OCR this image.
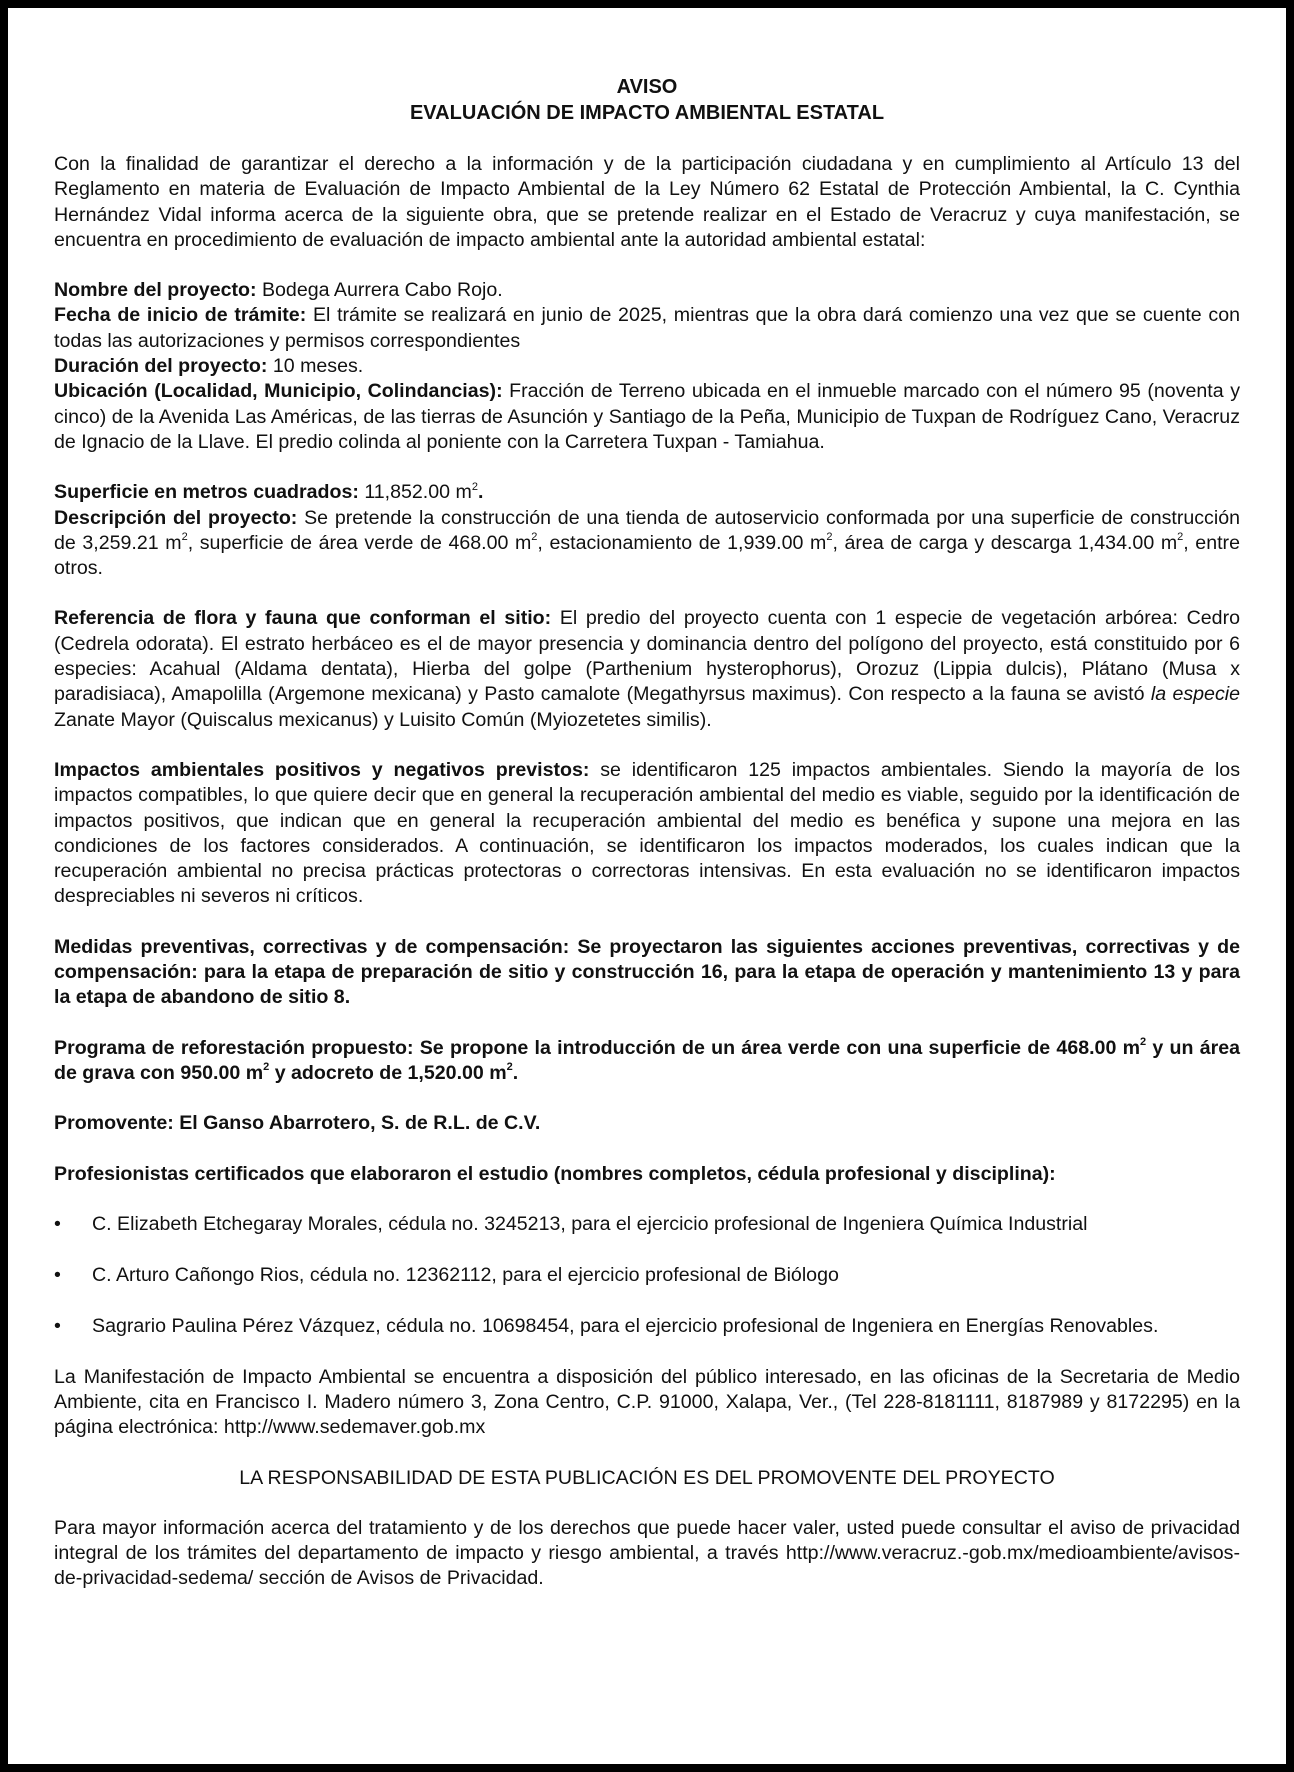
AVISO
EVALUACIÓN DE IMPACTO AMBIENTAL ESTATAL

Con la finalidad de garantizar el derecho a la información y de la participación ciudadana y en cumplimiento al Artículo 13 del Reglamento en materia de Evaluación de Impacto Ambiental de la Ley Número 62 Estatal de Protección Ambiental, la C. Cynthia Hernández Vidal informa acerca de la siguiente obra, que se pretende realizar en el Estado de Veracruz y cuya manifestación, se encuentra en procedimiento de evaluación de impacto ambiental ante la autoridad ambiental estatal:

Nombre del proyecto: Bodega Aurrera Cabo Rojo.

Fecha de inicio de trámite: El trámite se realizará en junio de 2025, mientras que la obra dará comienzo una vez que se cuente con todas las autorizaciones y permisos correspondientes

Duración del proyecto: 10 meses.

Ubicación (Localidad, Municipio, Colindancias): Fracción de Terreno ubicada en el inmueble marcado con el número 95 (noventa y cinco) de la Avenida Las Américas, de las tierras de Asunción y Santiago de la Peña, Municipio de Tuxpan de Rodríguez Cano, Veracruz de Ignacio de la Llave. El predio colinda al poniente con la Carretera Tuxpan - Tamiahua.

Superficie en metros cuadrados: 11,852.00 $m^2$.

Descripción del proyecto: Se pretende la construcción de una tienda de autoservicio conformada por una superficie de construcción de 3,259.21 $m^2$, superficie de área verde de 468.00 $m^2$, estacionamiento de 1,939.00 $m^2$, área de carga y descarga 1,434.00 $m^2$, entre otros.

Referencia de flora y fauna que conforman el sitio: El predio del proyecto cuenta con 1 especie de vegetación arbórea: Cedro (Cedrela odorata). El estrato herbáceo es el de mayor presencia y dominancia dentro del polígono del proyecto, está constituido por 6 especies: Acahual (Aldama dentata), Hierba del golpe (Parthenium hysterophorus), Orozuz (Lippia dulcis), Plátano (Musa x paradisiaca), Amapolilla (Argemone mexicana) y Pasto camalote (Megathyrsus maximus). Con respecto a la fauna se avistó la especie Zanate Mayor (Quiscalus mexicanus) y Luisito Común (Myiozetetes similis).

Impactos ambientales positivos y negativos previstos: se identificaron 125 impactos ambientales. Siendo la mayoría de los impactos compatibles, lo que quiere decir que en general la recuperación ambiental del medio es viable, seguido por la identificación de impactos positivos, que indican que en general la recuperación ambiental del medio es benéfica y supone una mejora en las condiciones de los factores considerados. A continuación, se identificaron los impactos moderados, los cuales indican que la recuperación ambiental no precisa prácticas protectoras o correctoras intensivas. En esta evaluación no se identificaron impactos despreciables ni severos ni críticos.

Medidas preventivas, correctivas y de compensación: Se proyectaron las siguientes acciones preventivas, correctivas y de compensación: para la etapa de preparación de sitio y construcción 16, para la etapa de operación y mantenimiento 13 y para la etapa de abandono de sitio 8.

Programa de reforestación propuesto: Se propone la introducción de un área verde con una superficie de 468.00 $m^2$ y un área de grava con 950.00 $m^2$ y adocreto de 1,520.00 $m^2$.

Promovente: El Ganso Abarrotero, S. de R.L. de C.V.

Profesionistas certificados que elaboraron el estudio (nombres completos, cédula profesional y disciplina):

• C. Elizabeth Etchegaray Morales, cédula no. 3245213, para el ejercicio profesional de Ingeniera Química Industrial
• C. Arturo Cañongo Rios, cédula no. 12362112, para el ejercicio profesional de Biólogo
• Sagrario Paulina Pérez Vázquez, cédula no. 10698454, para el ejercicio profesional de Ingeniera en Energías Renovables.

La Manifestación de Impacto Ambiental se encuentra a disposición del público interesado, en las oficinas de la Secretaria de Medio Ambiente, cita en Francisco I. Madero número 3, Zona Centro, C.P. 91000, Xalapa, Ver., (Tel 228-8181111, 8187989 y 8172295) en la página electrónica: http://www.sedemaver.gob.mx

LA RESPONSABILIDAD DE ESTA PUBLICACIÓN ES DEL PROMOVENTE DEL PROYECTO

Para mayor información acerca del tratamiento y de los derechos que puede hacer valer, usted puede consultar el aviso de privacidad integral de los trámites del departamento de impacto y riesgo ambiental, a través http://www.veracruz.-gob.mx/medioambiente/avisos-de-privacidad-sedema/ sección de Avisos de Privacidad.
